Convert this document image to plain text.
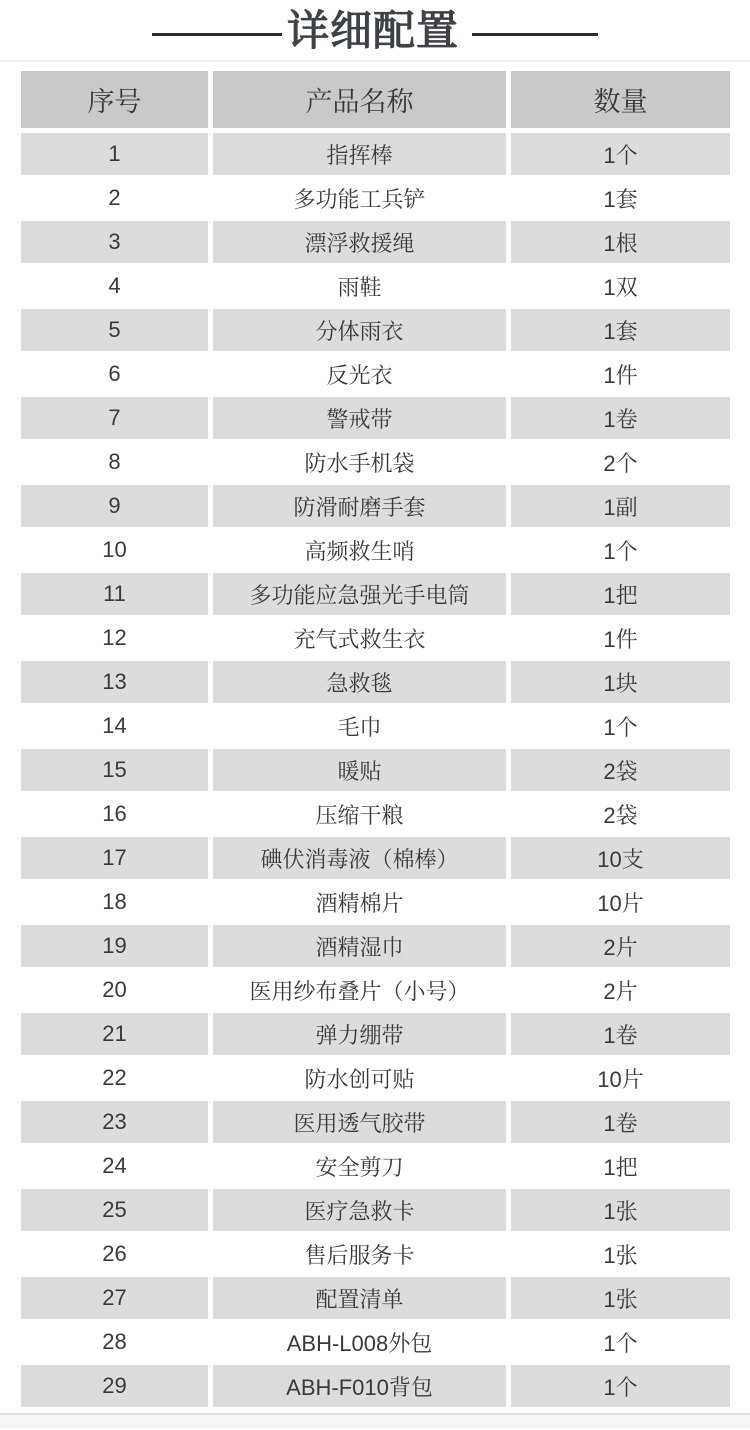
详细配置
序号	产品名称	数量
1	指挥棒	1个
2	多功能工兵铲	1套
3	漂浮救援绳	1根
4	雨鞋	1双
5	分体雨衣	1套
6	反光衣	1件
7	警戒带	1卷
8	防水手机袋	2个
9	防滑耐磨手套	1副
10	高频救生哨	1个
11	多功能应急强光手电筒	1把
12	充气式救生衣	1件
13	急救毯	1块
14	毛巾	1个
15	暖贴	2袋
16	压缩干粮	2袋
17	碘伏消毒液（棉棒）	10支
18	酒精棉片	10片
19	酒精湿巾	2片
20	医用纱布叠片（小号）	2片
21	弹力绷带	1卷
22	防水创可贴	10片
23	医用透气胶带	1卷
24	安全剪刀	1把
25	医疗急救卡	1张
26	售后服务卡	1张
27	配置清单	1张
28	ABH-L008外包	1个
29	ABH-F010背包	1个
